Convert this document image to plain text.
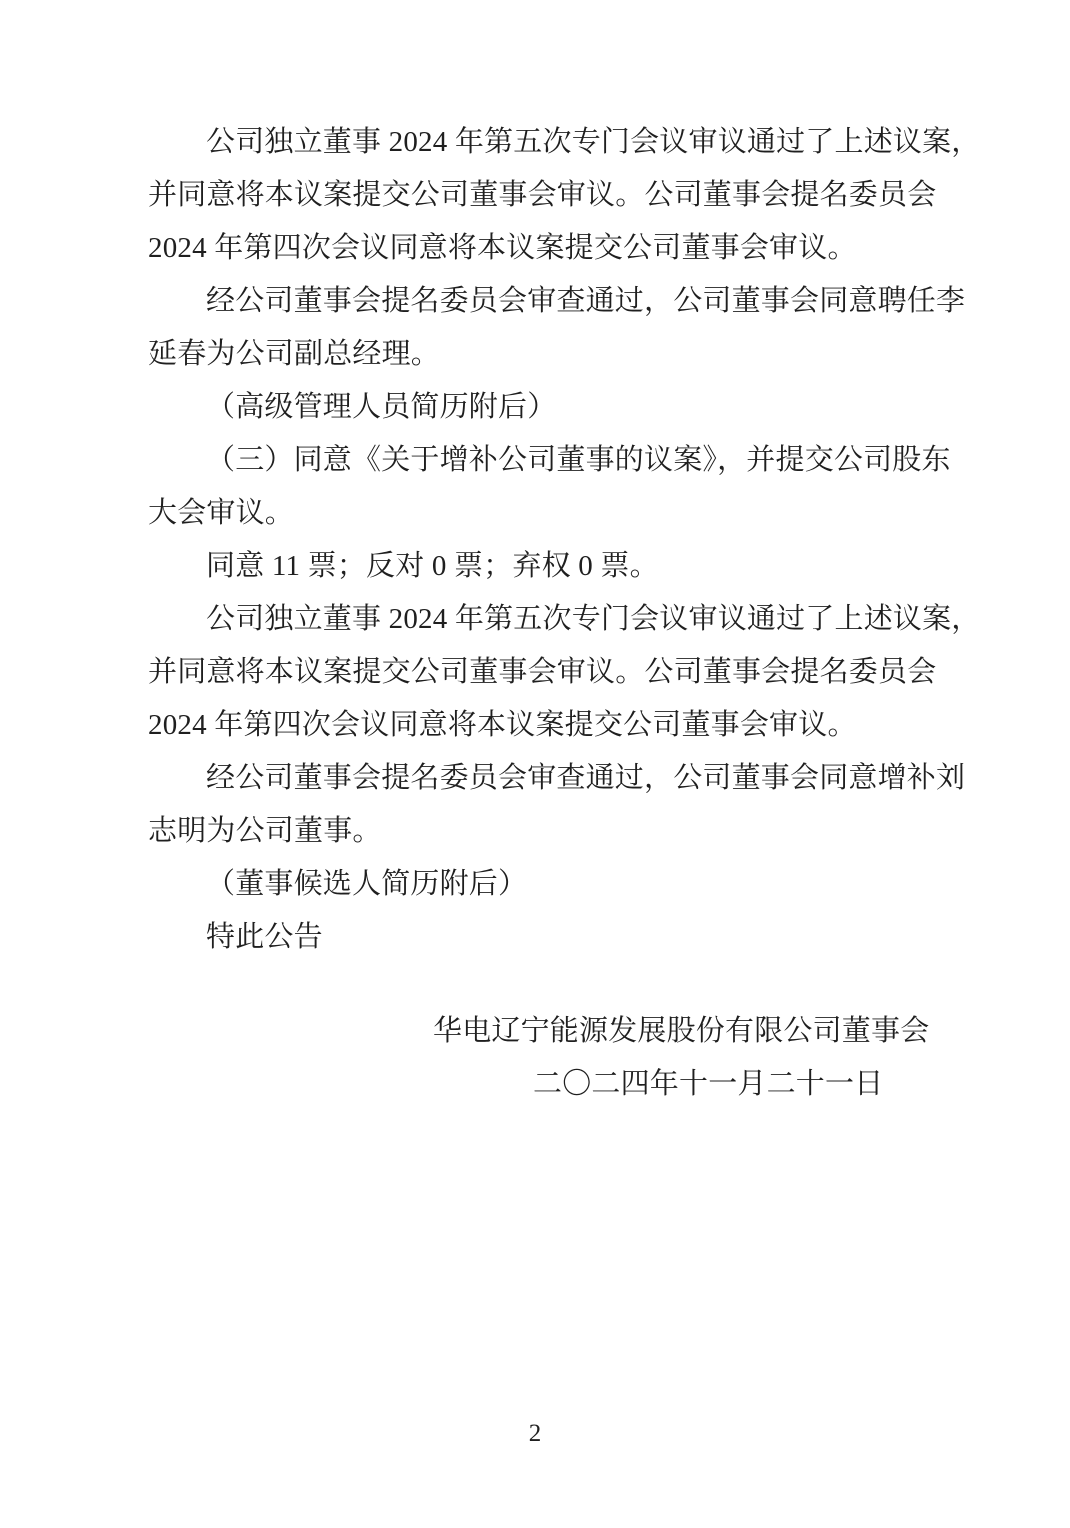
公司独立董事 2024 年第五次专门会议审议通过了上述议案，
并同意将本议案提交公司董事会审议。公司董事会提名委员会
2024 年第四次会议同意将本议案提交公司董事会审议。
经公司董事会提名委员会审查通过，公司董事会同意聘任李
延春为公司副总经理。
（高级管理人员简历附后）
（三）同意《关于增补公司董事的议案》，并提交公司股东
大会审议。
同意 11 票；反对 0 票；弃权 0 票。
公司独立董事 2024 年第五次专门会议审议通过了上述议案，
并同意将本议案提交公司董事会审议。公司董事会提名委员会
2024 年第四次会议同意将本议案提交公司董事会审议。
经公司董事会提名委员会审查通过，公司董事会同意增补刘
志明为公司董事。
（董事候选人简历附后）
特此公告
华电辽宁能源发展股份有限公司董事会
二〇二四年十一月二十一日
2
